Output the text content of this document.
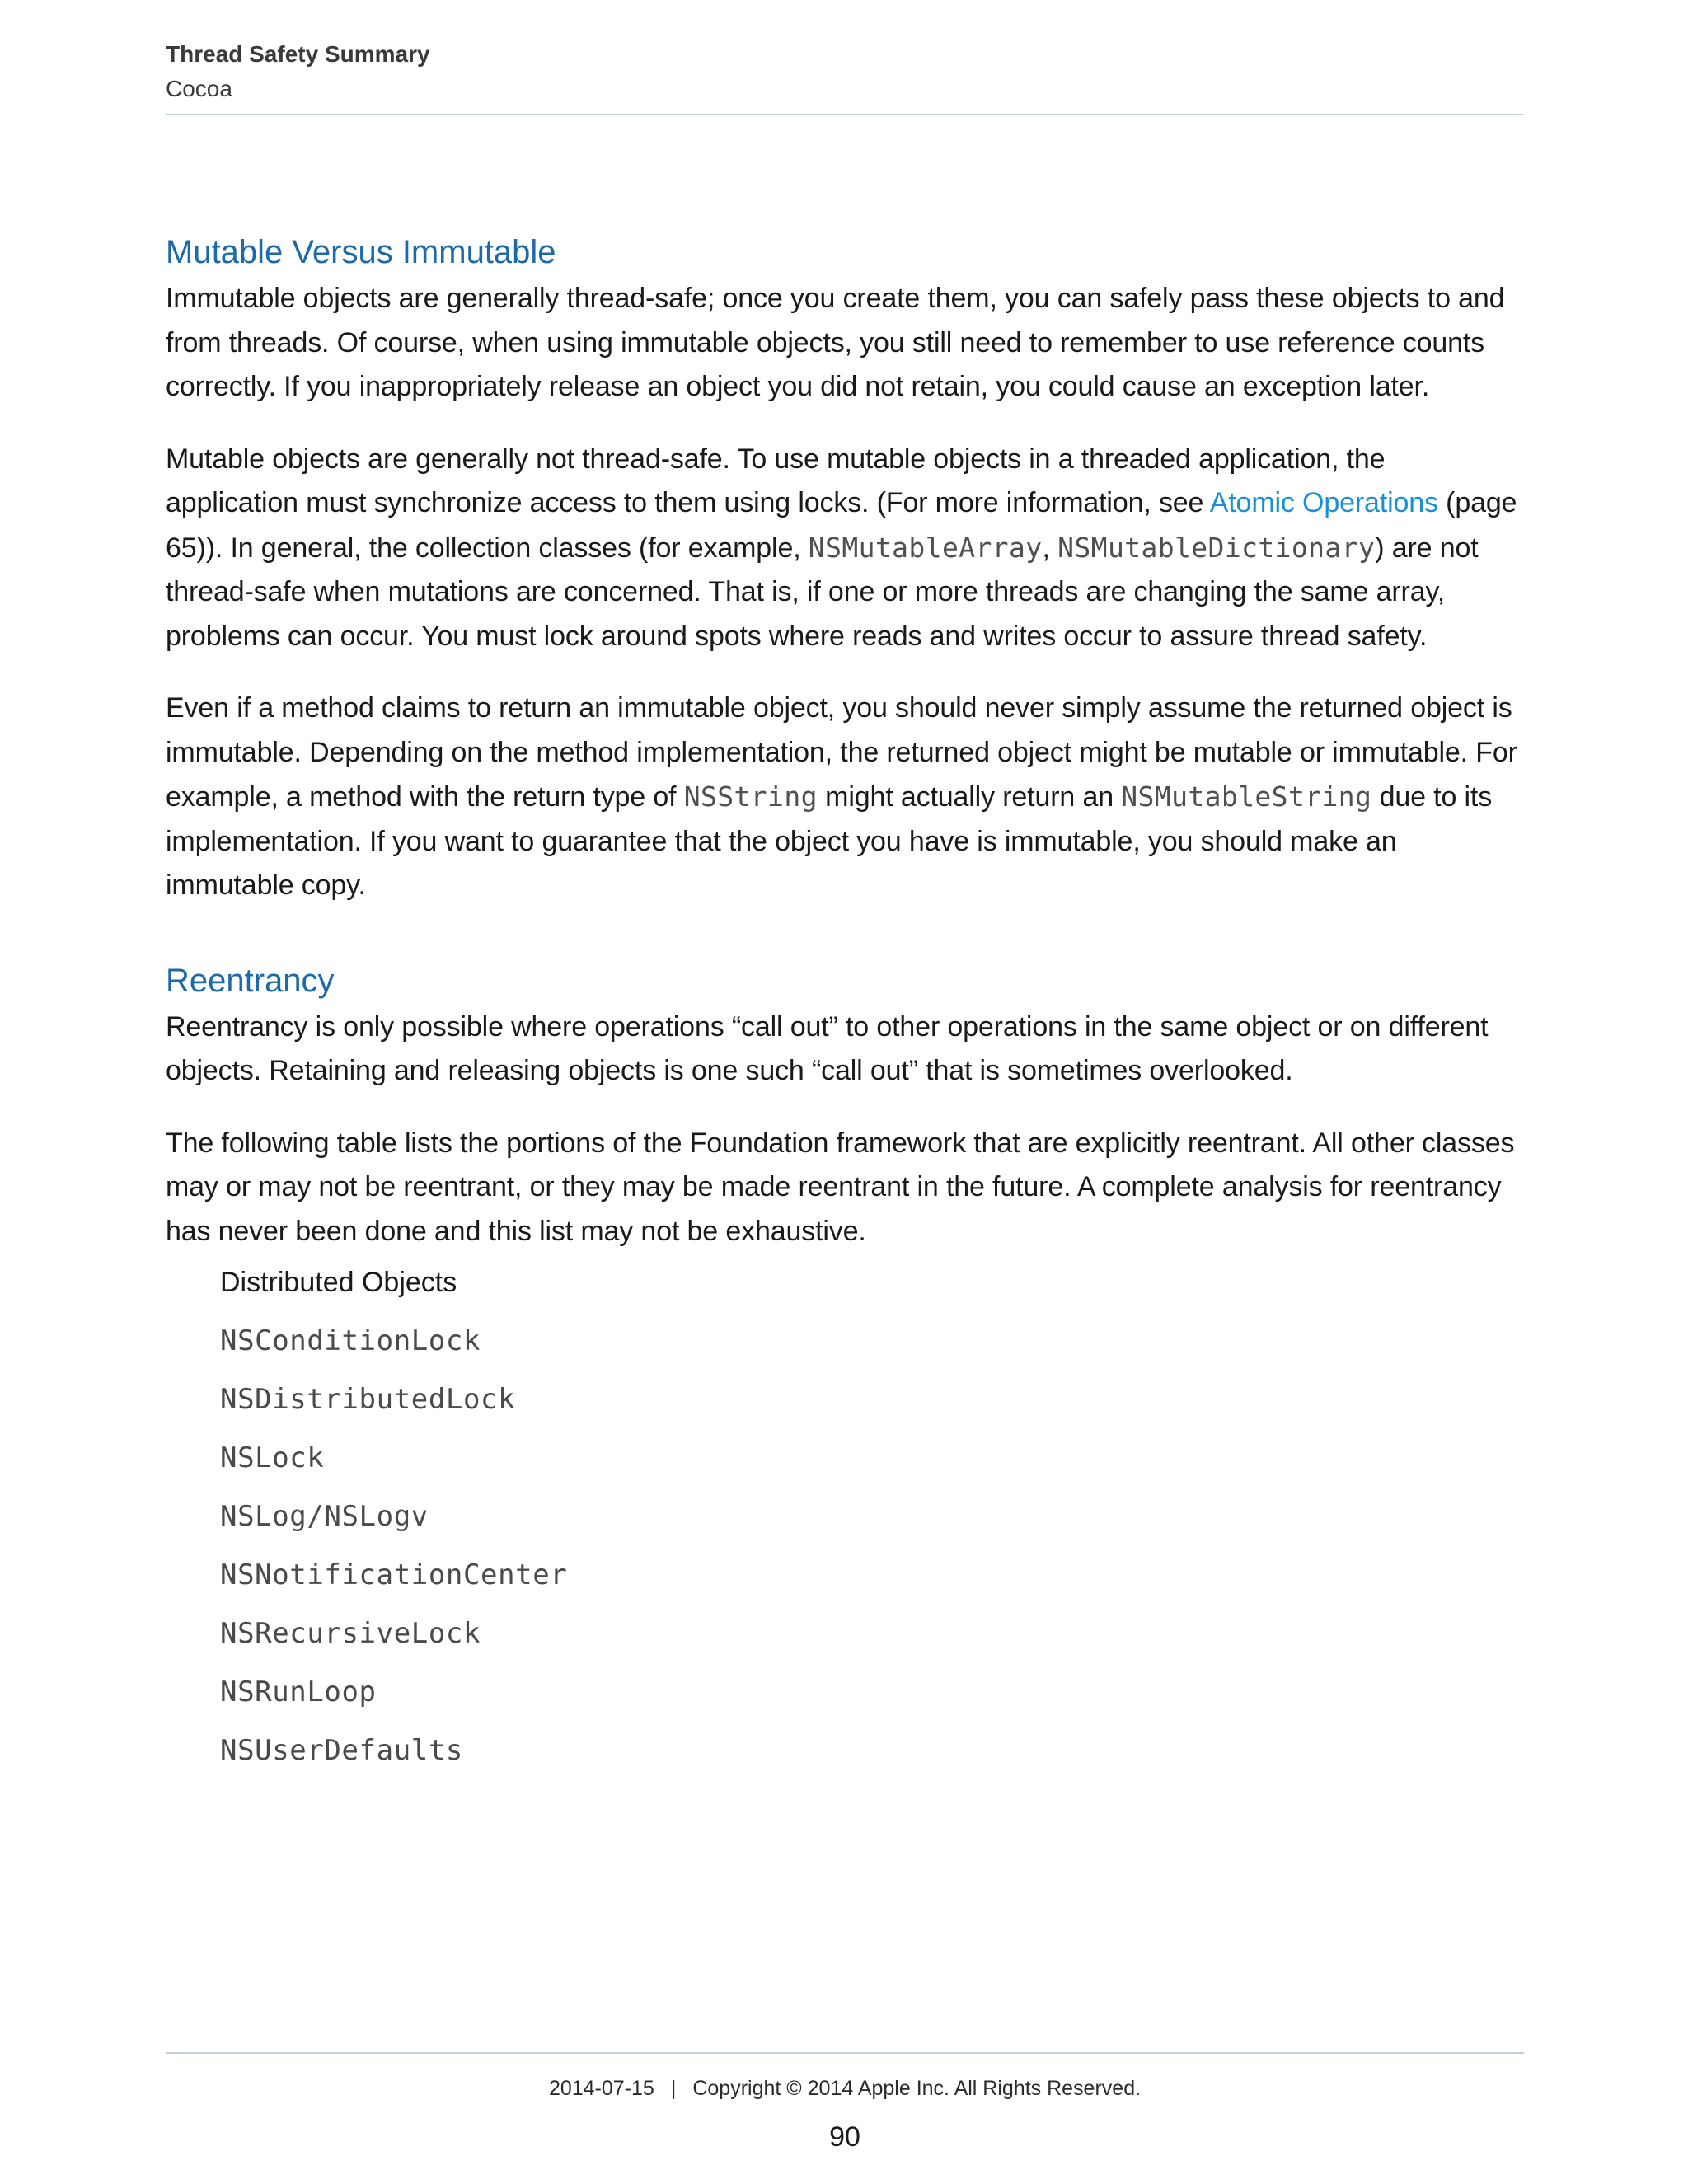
Thread Safety Summary
Cocoa
Mutable Versus Immutable

Immutable objects are generally thread-safe; once you create them, you can safely pass these objects to and from threads. Of course, when using immutable objects, you still need to remember to use reference counts correctly. If you inappropriately release an object you did not retain, you could cause an exception later.

Mutable objects are generally not thread-safe. To use mutable objects in a threaded application, the application must synchronize access to them using locks. (For more information, see Atomic Operations (page 65)). In general, the collection classes (for example, NSMutableArray, NSMutableDictionary) are not thread-safe when mutations are concerned. That is, if one or more threads are changing the same array, problems can occur. You must lock around spots where reads and writes occur to assure thread safety.

Even if a method claims to return an immutable object, you should never simply assume the returned object is immutable. Depending on the method implementation, the returned object might be mutable or immutable. For example, a method with the return type of NSString might actually return an NSMutableString due to its implementation. If you want to guarantee that the object you have is immutable, you should make an immutable copy.

Reentrancy

Reentrancy is only possible where operations “call out” to other operations in the same object or on different objects. Retaining and releasing objects is one such “call out” that is sometimes overlooked.

The following table lists the portions of the Foundation framework that are explicitly reentrant. All other classes may or may not be reentrant, or they may be made reentrant in the future. A complete analysis for reentrancy has never been done and this list may not be exhaustive.

Distributed Objects
NSConditionLock
NSDistributedLock
NSLock
NSLog/NSLogv
NSNotificationCenter
NSRecursiveLock
NSRunLoop
NSUserDefaults
2014-07-15 | Copyright © 2014 Apple Inc. All Rights Reserved.
90
